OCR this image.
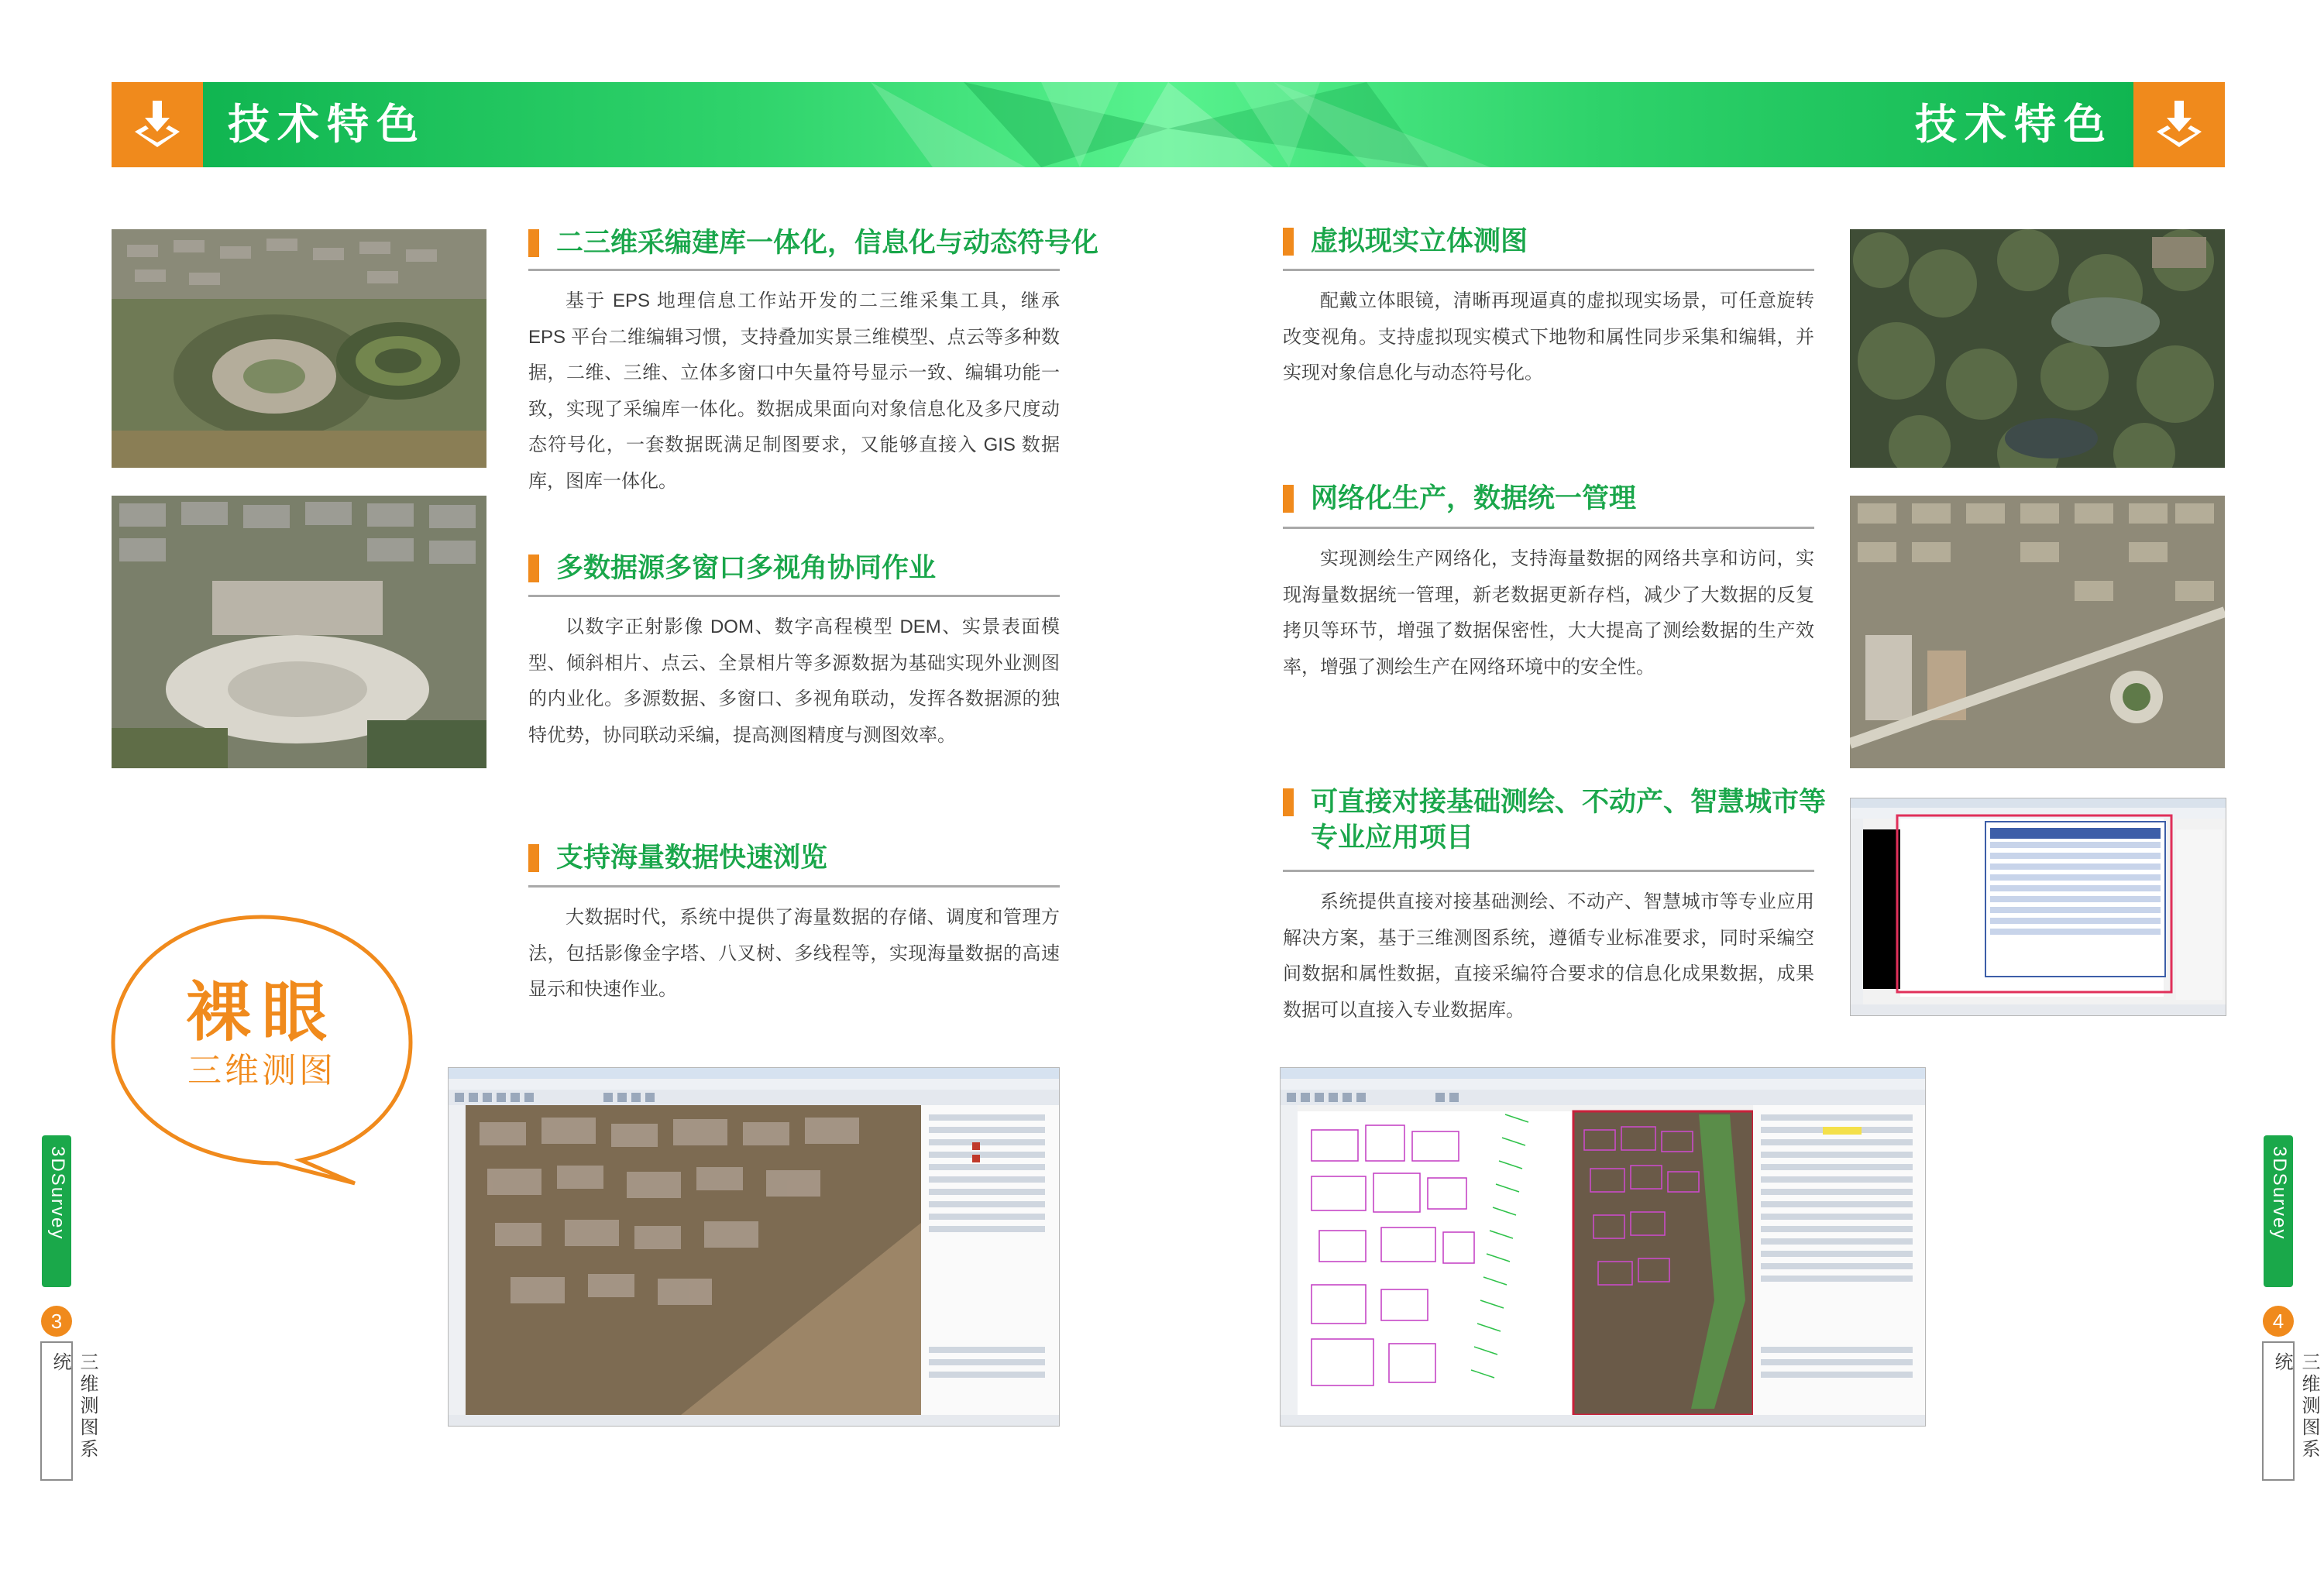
技术特色	技术特色
二三维采编建库一体化，信息化与动态符号化
基于 EPS 地理信息工作站开发的二三维采集工具，继承 EPS 平台二维编辑习惯，支持叠加实景三维模型、点云等多种数据，二维、三维、立体多窗口中矢量符号显示一致、编辑功能一致，实现了采编库一体化。数据成果面向对象信息化及多尺度动态符号化，一套数据既满足制图要求，又能够直接入 GIS 数据库，图库一体化。
多数据源多窗口多视角协同作业
以数字正射影像 DOM、数字高程模型 DEM、实景表面模型、倾斜相片、点云、全景相片等多源数据为基础实现外业测图的内业化。多源数据、多窗口、多视角联动，发挥各数据源的独特优势，协同联动采编，提高测图精度与测图效率。
支持海量数据快速浏览
大数据时代，系统中提供了海量数据的存储、调度和管理方法，包括影像金字塔、八叉树、多线程等，实现海量数据的高速显示和快速作业。
裸眼
三维测图
虚拟现实立体测图
配戴立体眼镜，清晰再现逼真的虚拟现实场景，可任意旋转改变视角。支持虚拟现实模式下地物和属性同步采集和编辑，并实现对象信息化与动态符号化。
网络化生产，数据统一管理
实现测绘生产网络化，支持海量数据的网络共享和访问，实现海量数据统一管理，新老数据更新存档，减少了大数据的反复拷贝等环节，增强了数据保密性，大大提高了测绘数据的生产效率，增强了测绘生产在网络环境中的安全性。
可直接对接基础测绘、不动产、智慧城市等
专业应用项目
系统提供直接对接基础测绘、不动产、智慧城市等专业应用解决方案，基于三维测图系统，遵循专业标准要求，同时采编空间数据和属性数据，直接采编符合要求的信息化成果数据，成果数据可以直接入专业数据库。
EPS 3DSurvey
3
三维测图系统
EPS 3DSurvey
4
三维测图系统
